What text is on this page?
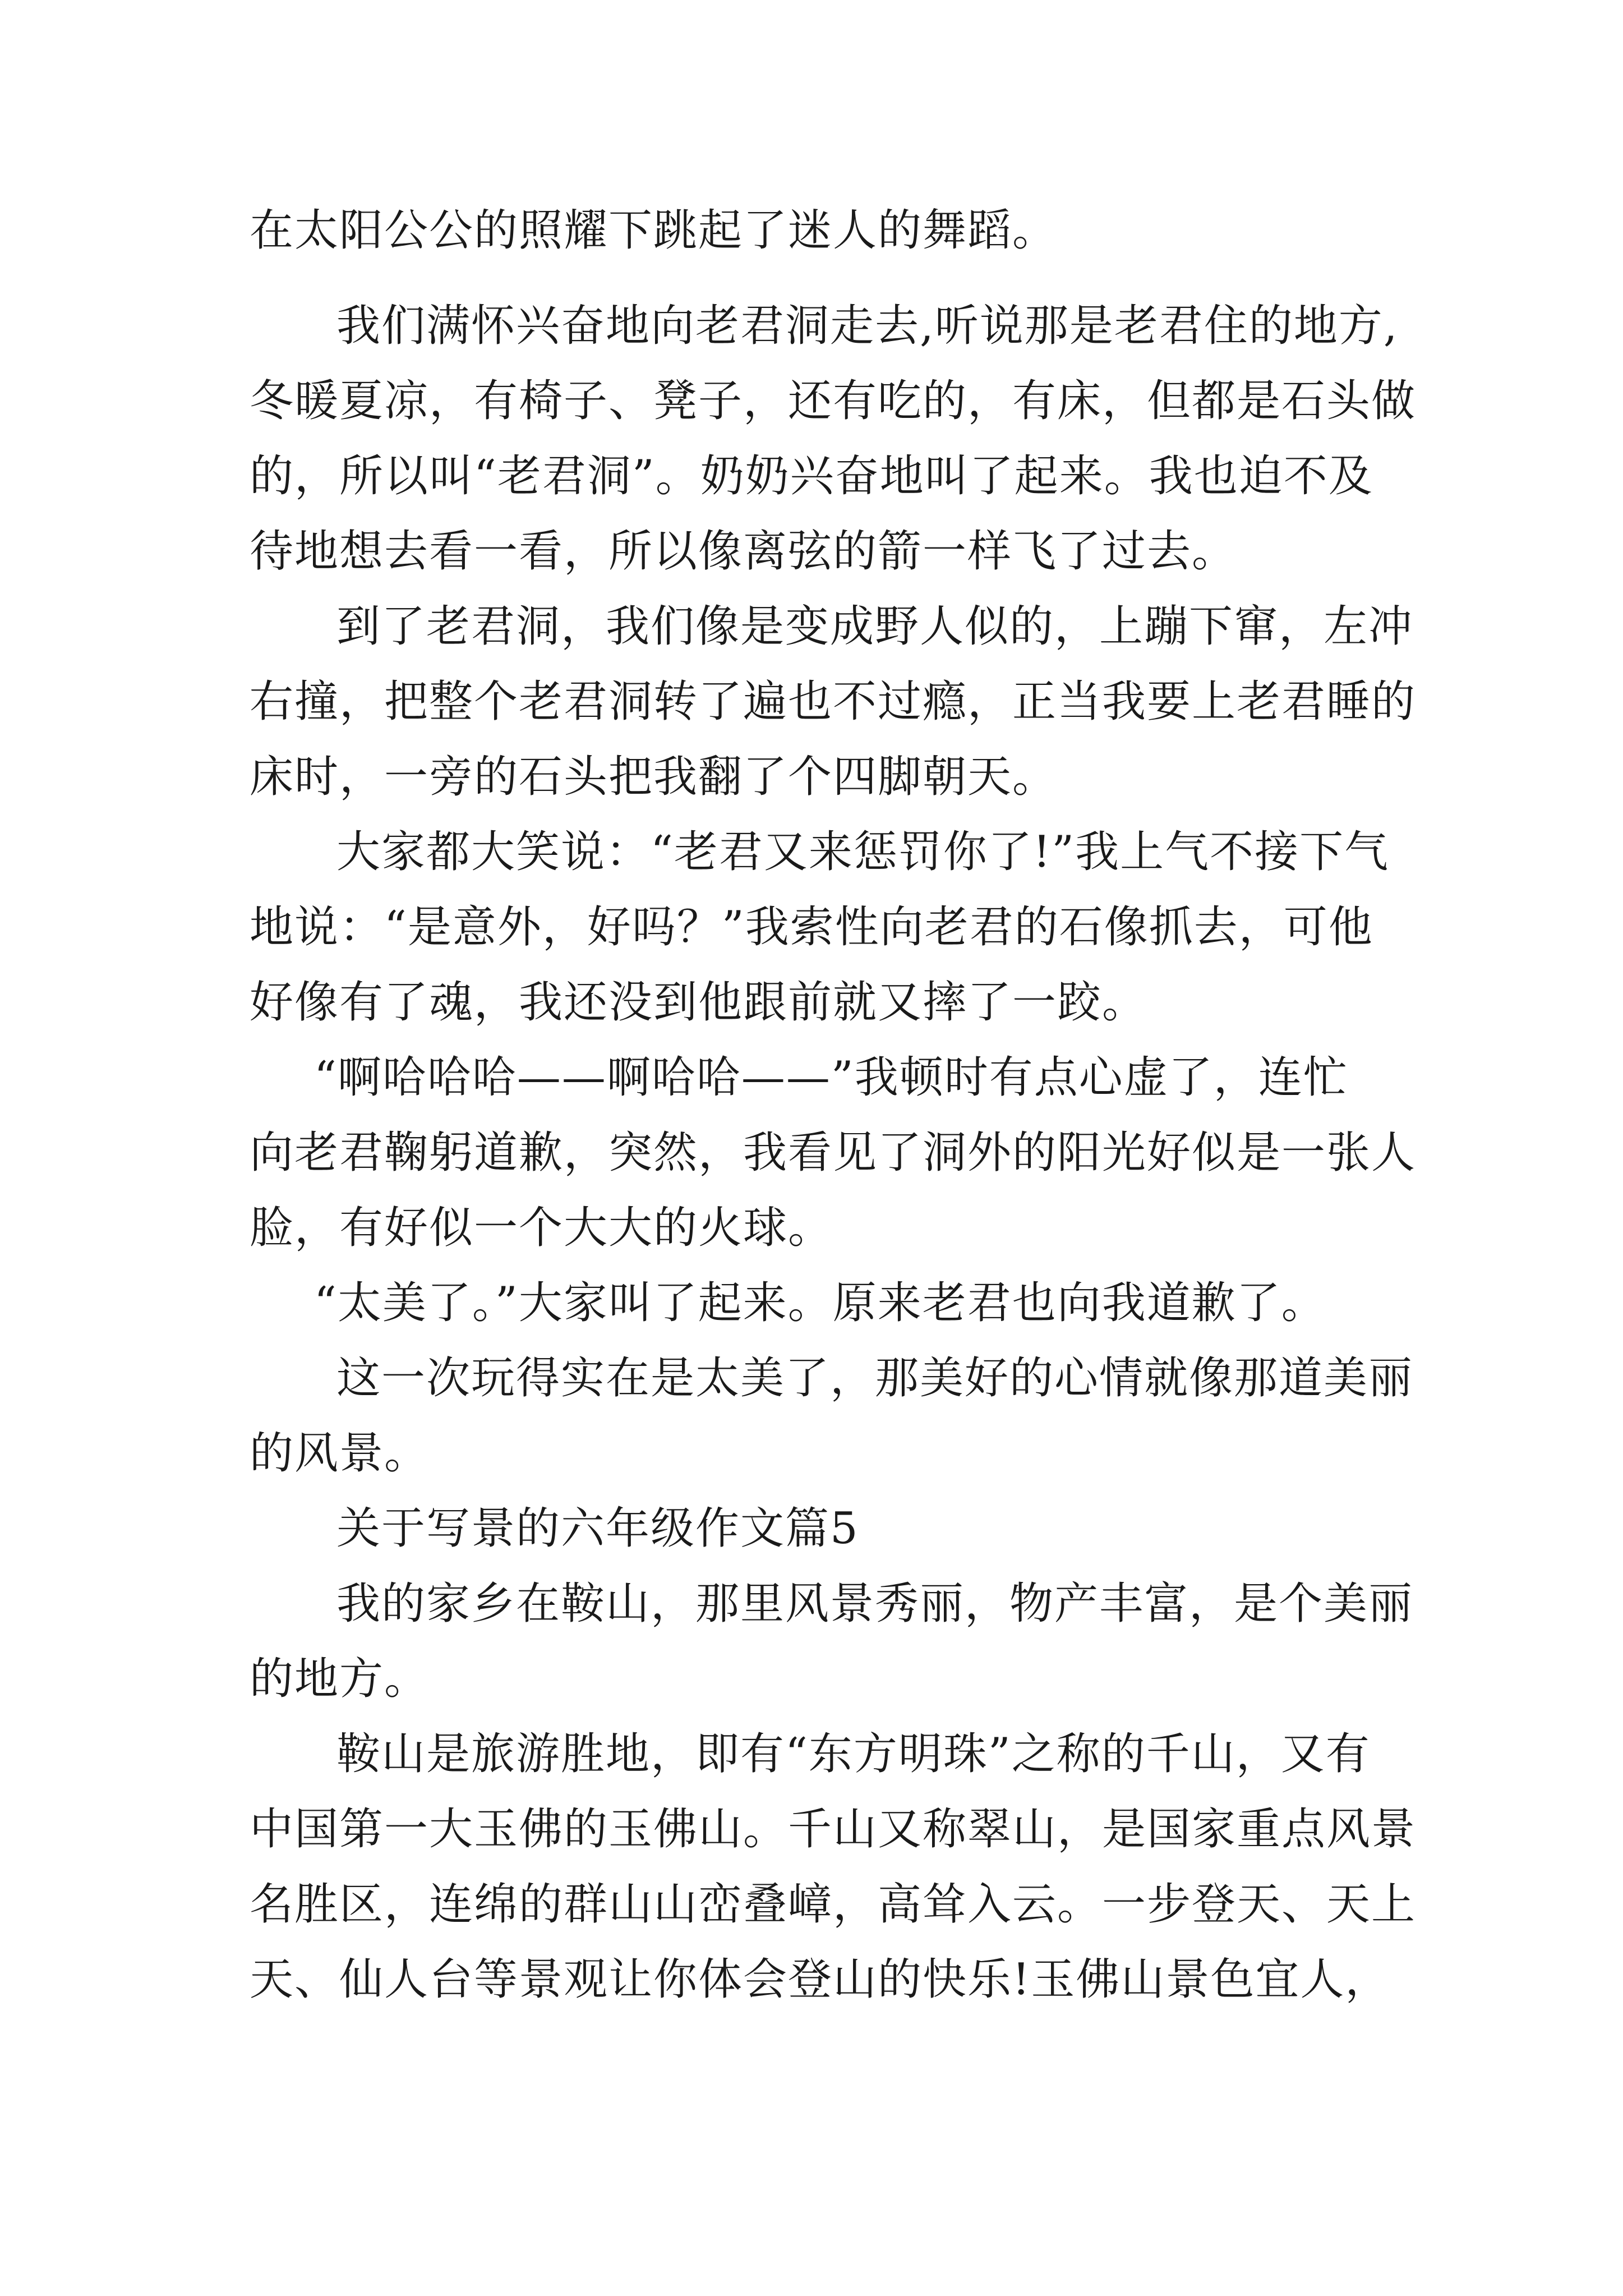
在太阳公公的照耀下跳起了迷人的舞蹈。
我们满怀兴奋地向老君洞走去,听说那是老君住的地方,
冬暖夏凉，有椅子、凳子，还有吃的，有床，但都是石头做
的，所以叫“老君洞”。奶奶兴奋地叫了起来。我也迫不及
待地想去看一看，所以像离弦的箭一样飞了过去。
到了老君洞，我们像是变成野人似的，上蹦下窜，左冲
右撞，把整个老君洞转了遍也不过瘾，正当我要上老君睡的
床时，一旁的石头把我翻了个四脚朝天。
大家都大笑说：“老君又来惩罚你了!”我上气不接下气
地说：“是意外，好吗？”我索性向老君的石像抓去，可他
好像有了魂，我还没到他跟前就又摔了一跤。
“啊哈哈哈——啊哈哈——”我顿时有点心虚了，连忙
向老君鞠躬道歉，突然，我看见了洞外的阳光好似是一张人
脸，有好似一个大大的火球。
“太美了。”大家叫了起来。原来老君也向我道歉了。
这一次玩得实在是太美了，那美好的心情就像那道美丽
的风景。
关于写景的六年级作文篇5
我的家乡在鞍山，那里风景秀丽，物产丰富，是个美丽
的地方。
鞍山是旅游胜地，即有“东方明珠”之称的千山，又有
中国第一大玉佛的玉佛山。千山又称翠山，是国家重点风景
名胜区，连绵的群山山峦叠嶂，高耸入云。一步登天、天上
天、仙人台等景观让你体会登山的快乐!玉佛山景色宜人，
